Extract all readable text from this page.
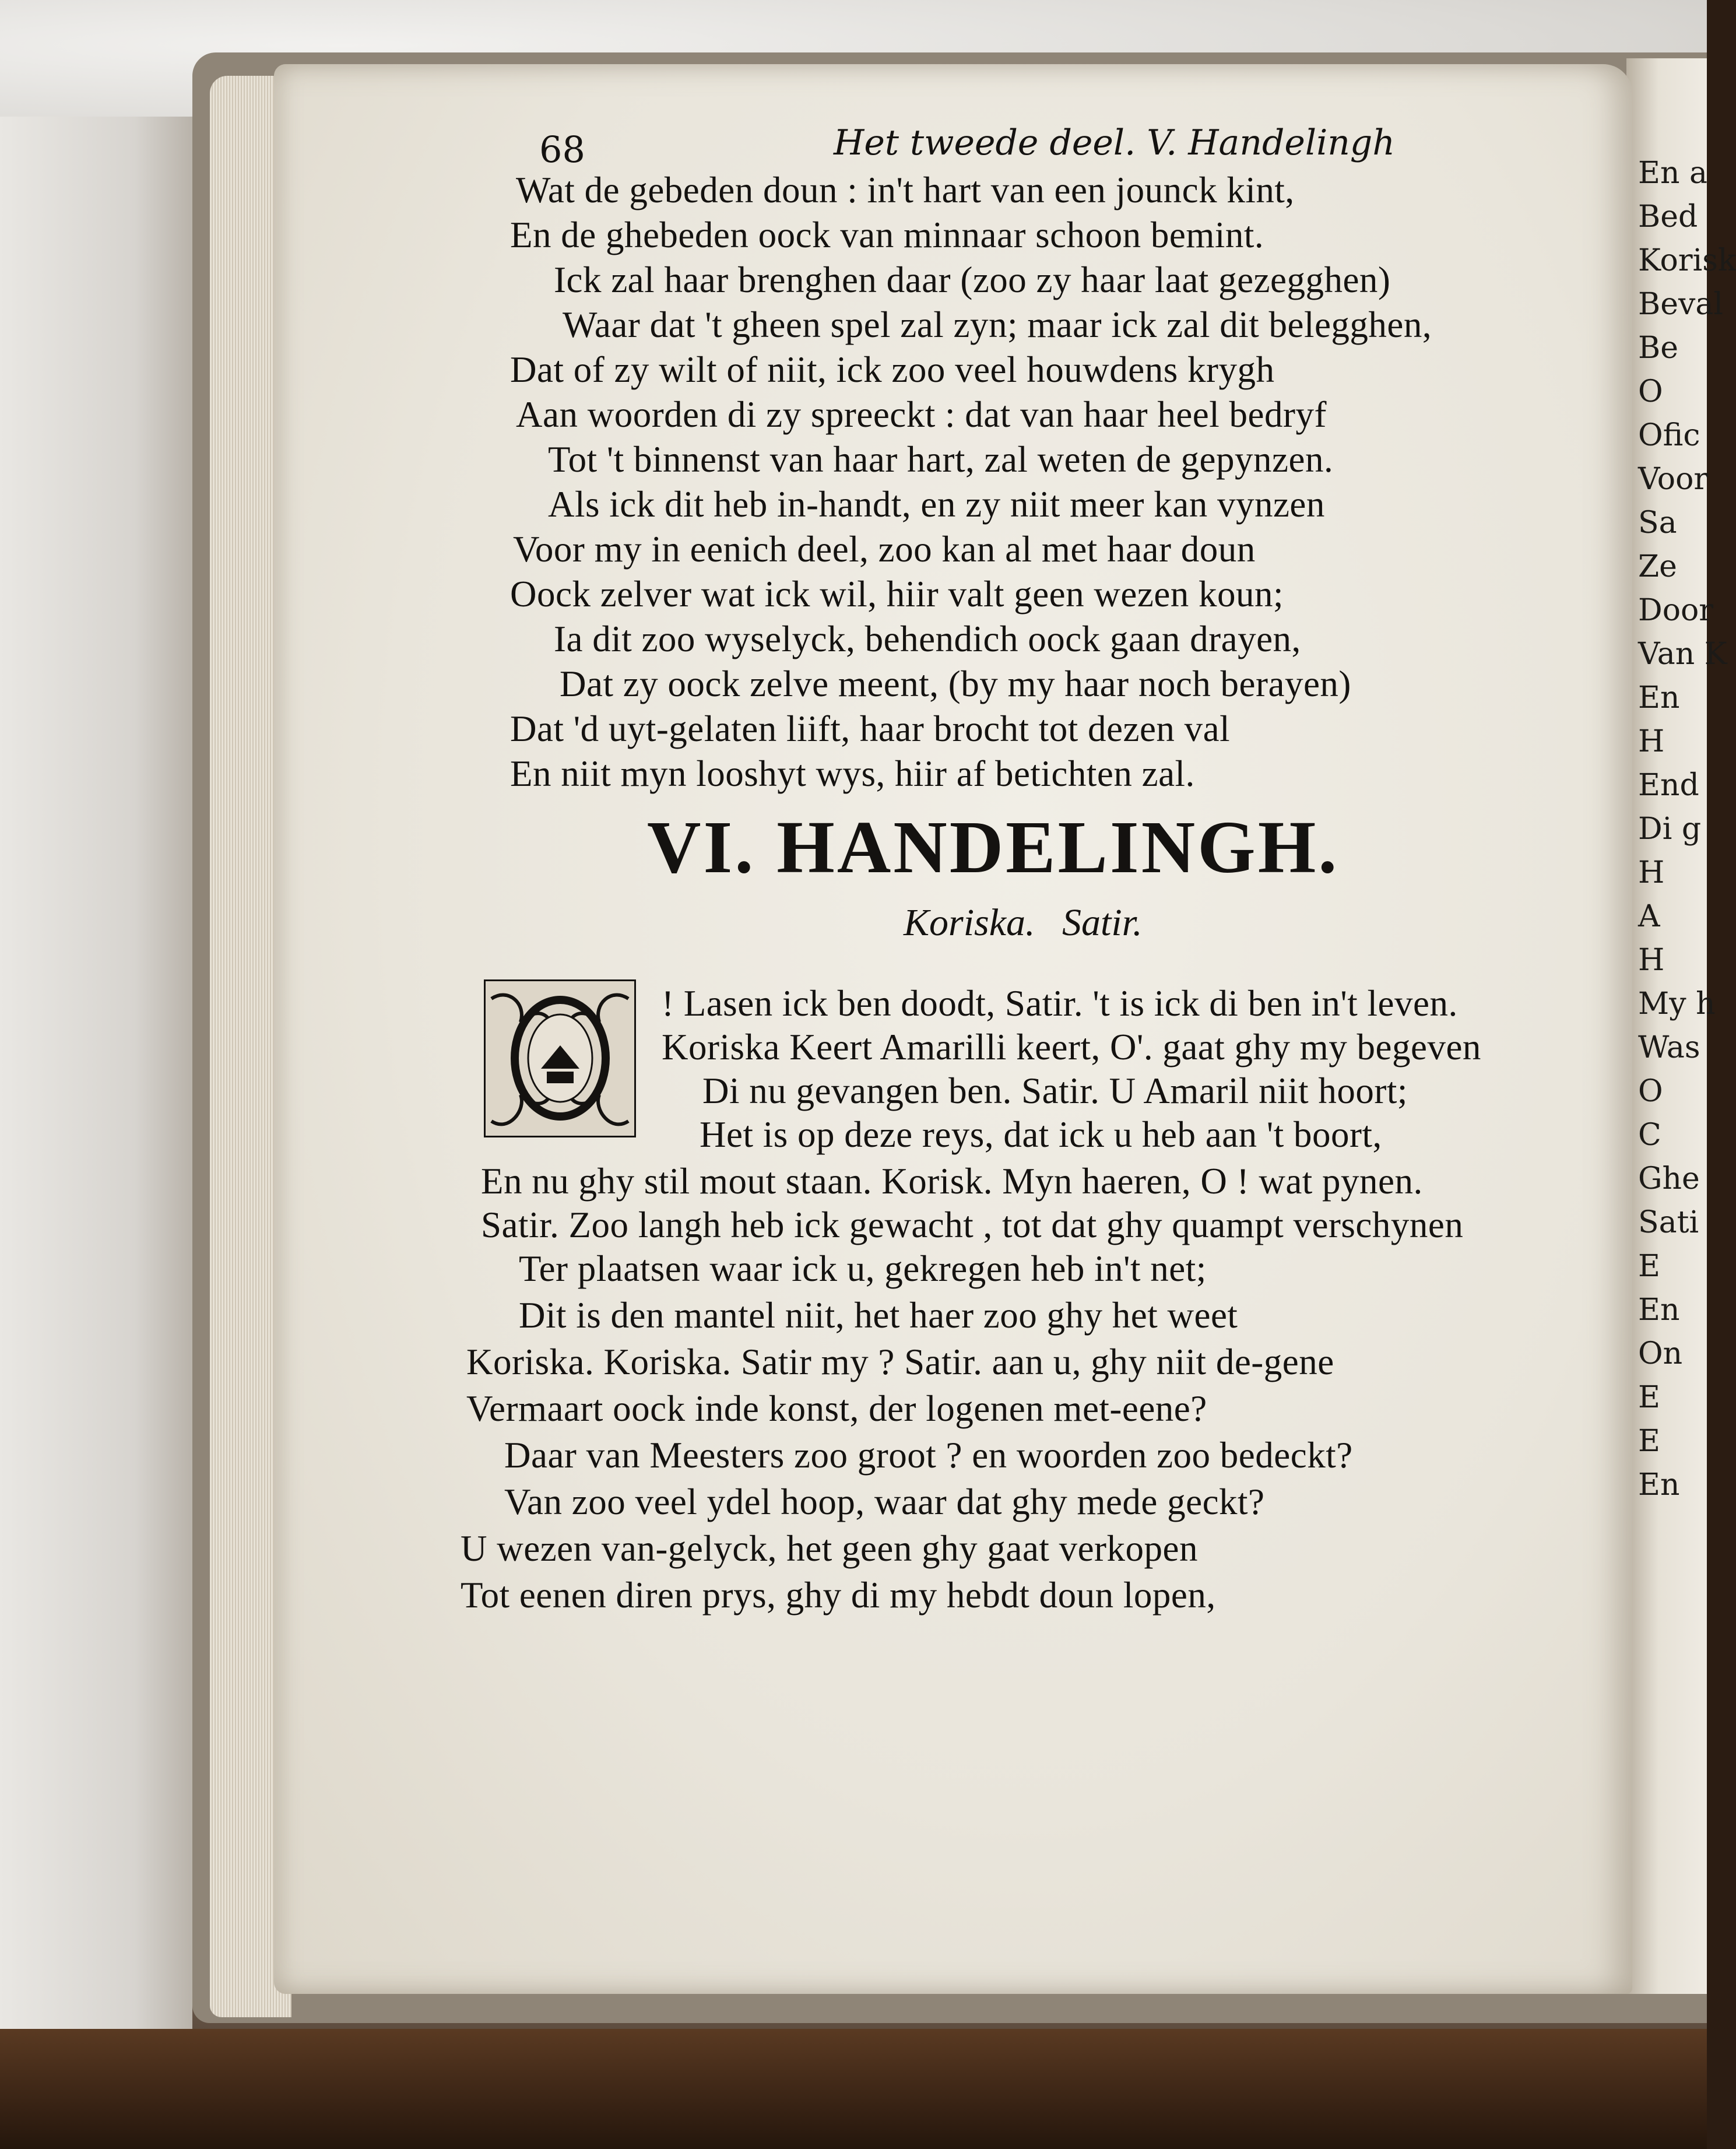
En a
Bed
Korisk
Beval
Be
O
Ofic
Voor
Sa
Ze
Door
Van K
En
H
End
Di g
H
A
H
My h
Was
O
C
Ghe
Sati
E
En
On
E
E
En
68	Het tweede deel. V. Handelingh
Wat de gebeden doun : in't hart van een jounck kint,
En de ghebeden oock van minnaar schoon bemint.
Ick zal haar brenghen daar (zoo zy haar laat gezegghen)
Waar dat 't gheen spel zal zyn; maar ick zal dit belegghen,
Dat of zy wilt of niit, ick zoo veel houwdens krygh
Aan woorden di zy spreeckt : dat van haar heel bedryf
Tot 't binnenst van haar hart, zal weten de gepynzen.
Als ick dit heb in-handt, en zy niit meer kan vynzen
Voor my in eenich deel, zoo kan al met haar doun
Oock zelver wat ick wil, hiir valt geen wezen koun;
Ia dit zoo wyselyck, behendich oock gaan drayen,
Dat zy oock zelve meent, (by my haar noch berayen)
Dat 'd uyt-gelaten liift, haar brocht tot dezen val
En niit myn looshyt wys, hiir af betichten zal.
VI. HANDELINGH.
Koriska. Satir.
! Lasen ick ben doodt, Satir. 't is ick di ben in't leven.
Koriska Keert Amarilli keert, O'. gaat ghy my begeven
Di nu gevangen ben. Satir. U Amaril niit hoort;
Het is op deze reys, dat ick u heb aan 't boort,
En nu ghy stil mout staan. Korisk. Myn haeren, O ! wat pynen.
Satir. Zoo langh heb ick gewacht , tot dat ghy quampt verschynen
Ter plaatsen waar ick u, gekregen heb in't net;
Dit is den mantel niit, het haer zoo ghy het weet
Koriska. Koriska. Satir my ? Satir. aan u, ghy niit de-gene
Vermaart oock inde konst, der logenen met-eene?
Daar van Meesters zoo groot ? en woorden zoo bedeckt?
Van zoo veel ydel hoop, waar dat ghy mede geckt?
U wezen van-gelyck, het geen ghy gaat verkopen
Tot eenen diren prys, ghy di my hebdt doun lopen,
